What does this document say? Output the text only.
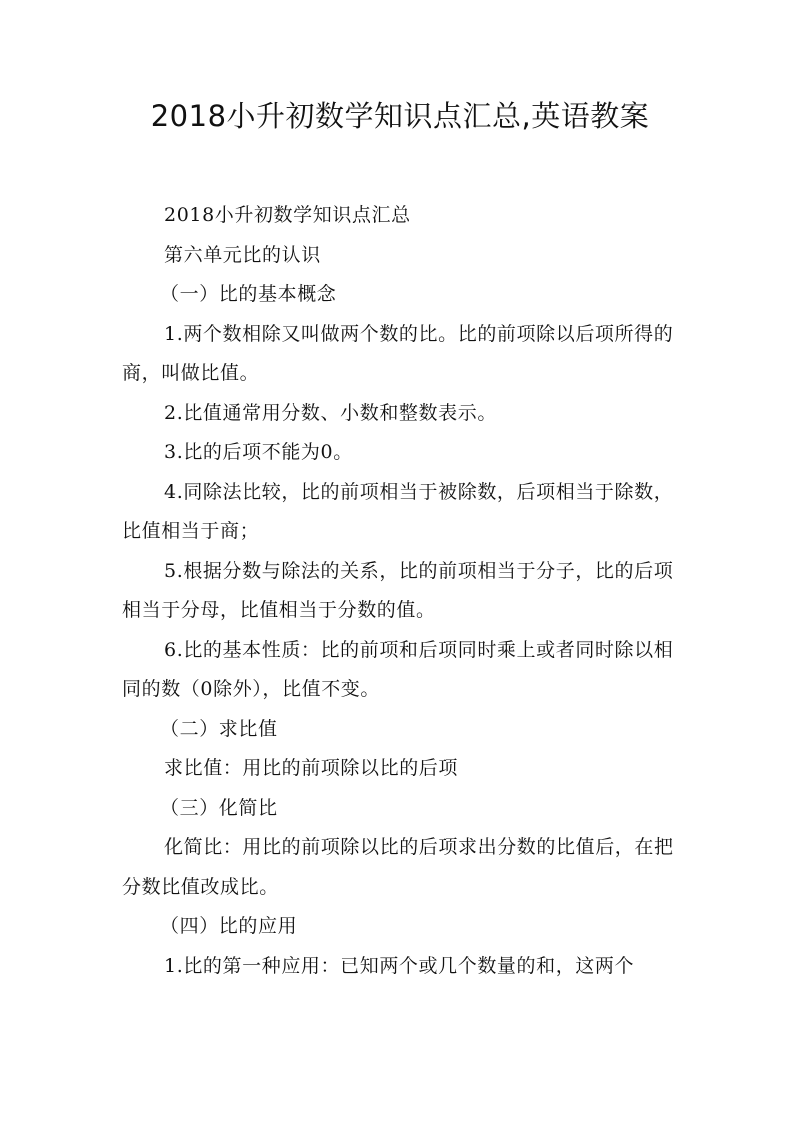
2018小升初数学知识点汇总,英语教案

2018小升初数学知识点汇总

第六单元比的认识

（一）比的基本概念

1.两个数相除又叫做两个数的比。比的前项除以后项所得的商，叫做比值。

2.比值通常用分数、小数和整数表示。

3.比的后项不能为0。

4.同除法比较，比的前项相当于被除数，后项相当于除数，比值相当于商；

5.根据分数与除法的关系，比的前项相当于分子，比的后项相当于分母，比值相当于分数的值。

6.比的基本性质：比的前项和后项同时乘上或者同时除以相同的数（0除外），比值不变。

（二）求比值

求比值：用比的前项除以比的后项

（三）化简比

化简比：用比的前项除以比的后项求出分数的比值后，在把分数比值改成比。

（四）比的应用

1.比的第一种应用：已知两个或几个数量的和，这两个
